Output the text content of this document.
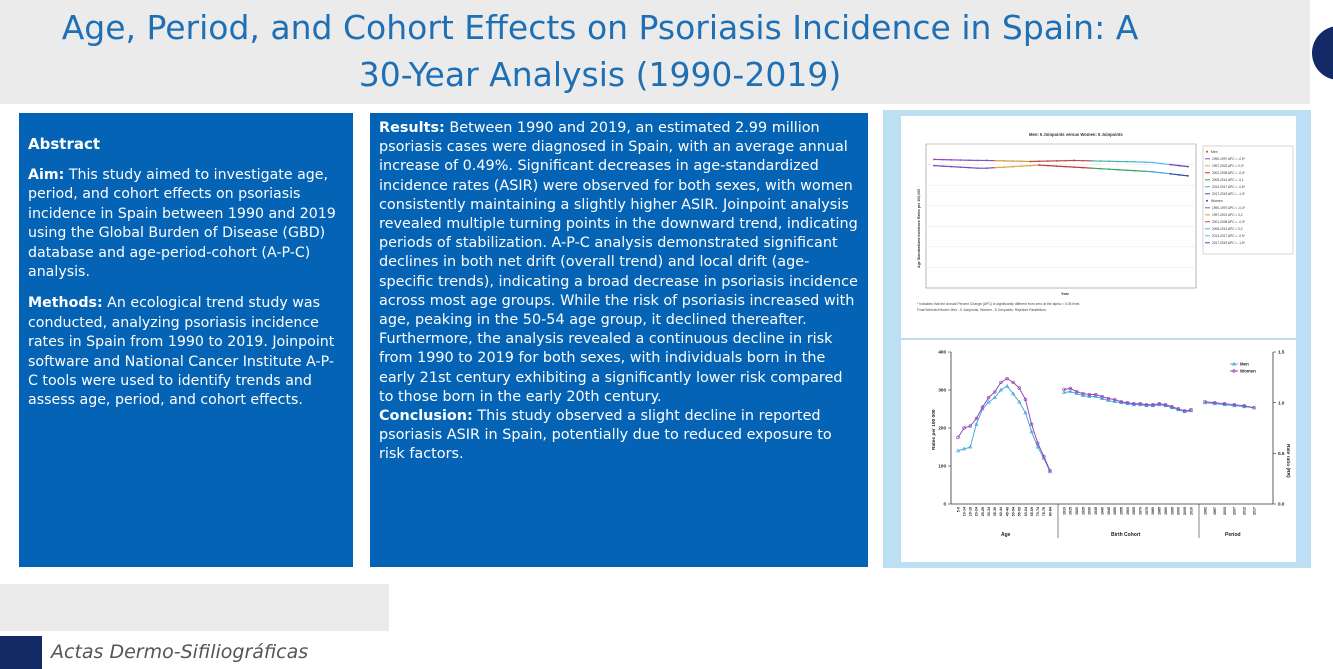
Age, Period, and Cohort Effects on Psoriasis Incidence in Spain: A
30-Year Analysis (1990-2019)
Abstract

Aim: This study aimed to investigate age, period, and cohort effects on psoriasis incidence in Spain between 1990 and 2019 using the Global Burden of Disease (GBD) database and age-period-cohort (A-P-C) analysis.

Methods: An ecological trend study was conducted, analyzing psoriasis incidence rates in Spain from 1990 to 2019. Joinpoint software and National Cancer Institute A-P-C tools were used to identify trends and assess age, period, and cohort effects.

Results: Between 1990 and 2019, an estimated 2.99 million psoriasis cases were diagnosed in Spain, with an average annual increase of 0.49%. Significant decreases in age-standardized incidence rates (ASIR) were observed for both sexes, with women consistently maintaining a slightly higher ASIR. Joinpoint analysis revealed multiple turning points in the downward trend, indicating periods of stabilization. A-P-C analysis demonstrated significant declines in both net drift (overall trend) and local drift (age-specific trends), indicating a broad decrease in psoriasis incidence across most age groups. While the risk of psoriasis increased with age, peaking in the 50-54 age group, it declined thereafter. Furthermore, the analysis revealed a continuous decline in risk from 1990 to 2019 for both sexes, with individuals born in the early 21st century exhibiting a significantly lower risk compared to those born in the early 20th century.

Conclusion: This study observed a slight decline in reported psoriasis ASIR in Spain, potentially due to reduced exposure to risk factors.

Men: 5 Joinpoints versus Women: 5 Joinpoints
Age Standardized Incidence Rates per 100,000
Year
Men
1990-1997 APC = -0,5*
1997-2002 APC = 0,3*
2002-2008 APC = -0,4*
2008-2014 APC = -0,1
2014-2017 APC = -0,6*
2017-2019 APC = -1,3*
Women
1990-1997 APC = -0,4*
1997-2001 APC = 0,2
2001-2008 APC = -0,3*
2008-2013 APC = 0,0
2013-2017 APC = -0,5*
2017-2019 APC = -1,5*
* Indicates that the Annual Percent Change (APC) is significantly different from zero at the alpha = 0.05 level.
Final Selected Model: Men - 5 Joinpoints, Women - 5 Joinpoints. Rejected Parallelism.
0
100
200
300
400
0.0
0.5
1.0
1.5
Rates per 100 000
Rate ratio (RR)
5-9 10-14 15-19 20-24 25-29 30-34 35-39 40-44 45-49 50-54 55-59 60-64 65-69 70-74 75-79 80-84	1910 1915 1920 1925 1930 1935 1940 1945 1950 1955 1960 1965 1970 1975 1980 1985 1990 1995 2000 2005 2010	1992 1997 2002 2007 2012 2017
Age	Birth Cohort	Period
Men
Women
Actas Dermo-Sifiliográficas
